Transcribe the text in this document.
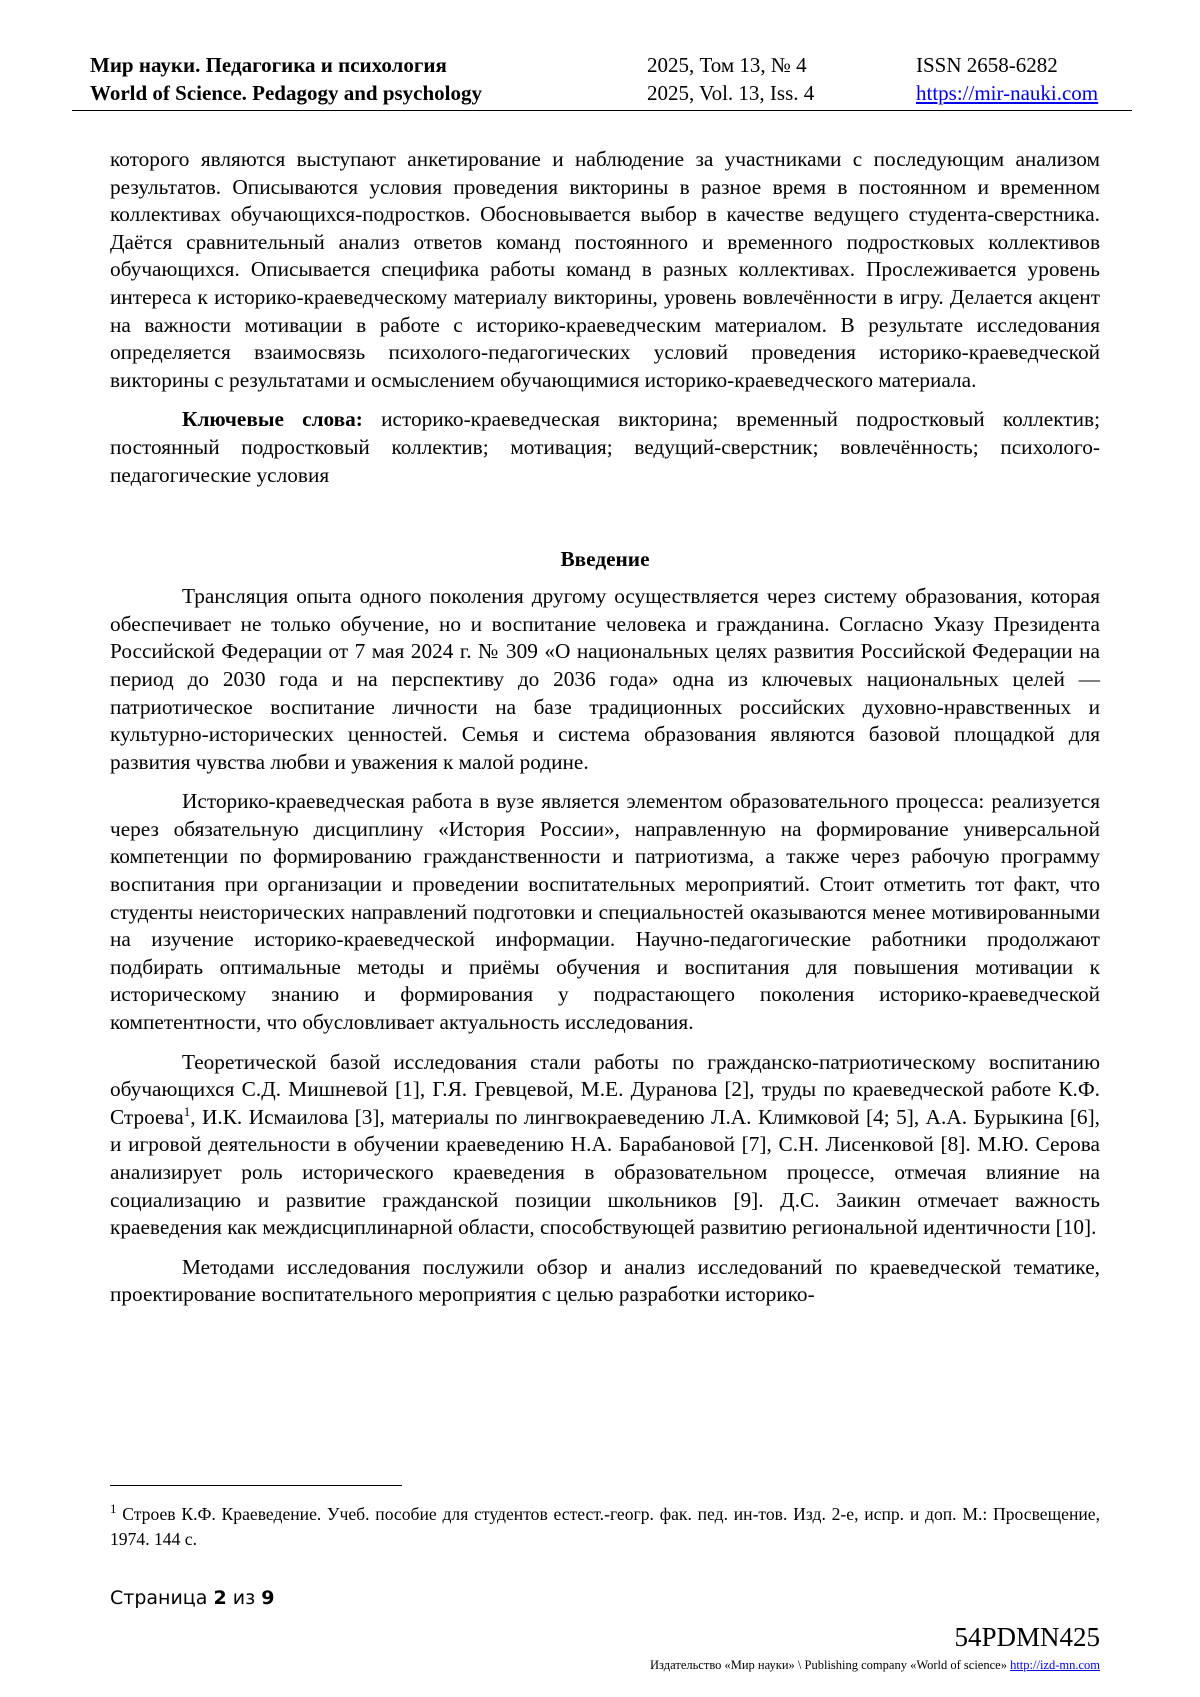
Мир науки. Педагогика и психология
World of Science. Pedagogy and psychology
2025, Том 13, № 4
2025, Vol. 13, Iss. 4
ISSN 2658-6282
https://mir-nauki.com

которого являются выступают анкетирование и наблюдение за участниками с последующим анализом результатов. Описываются условия проведения викторины в разное время в постоянном и временном коллективах обучающихся-подростков. Обосновывается выбор в качестве ведущего студента-сверстника. Даётся сравнительный анализ ответов команд постоянного и временного подростковых коллективов обучающихся. Описывается специфика работы команд в разных коллективах. Прослеживается уровень интереса к историко-краеведческому материалу викторины, уровень вовлечённости в игру. Делается акцент на важности мотивации в работе с историко-краеведческим материалом. В результате исследования определяется взаимосвязь психолого-педагогических условий проведения историко-краеведческой викторины с результатами и осмыслением обучающимися историко-краеведческого материала.

Ключевые слова: историко-краеведческая викторина; временный подростковый коллектив; постоянный подростковый коллектив; мотивация; ведущий-сверстник; вовлечённость; психолого-педагогические условия

Введение

Трансляция опыта одного поколения другому осуществляется через систему образования, которая обеспечивает не только обучение, но и воспитание человека и гражданина. Согласно Указу Президента Российской Федерации от 7 мая 2024 г. № 309 «О национальных целях развития Российской Федерации на период до 2030 года и на перспективу до 2036 года» одна из ключевых национальных целей — патриотическое воспитание личности на базе традиционных российских духовно-нравственных и культурно-исторических ценностей. Семья и система образования являются базовой площадкой для развития чувства любви и уважения к малой родине.

Историко-краеведческая работа в вузе является элементом образовательного процесса: реализуется через обязательную дисциплину «История России», направленную на формирование универсальной компетенции по формированию гражданственности и патриотизма, а также через рабочую программу воспитания при организации и проведении воспитательных мероприятий. Стоит отметить тот факт, что студенты неисторических направлений подготовки и специальностей оказываются менее мотивированными на изучение историко-краеведческой информации. Научно-педагогические работники продолжают подбирать оптимальные методы и приёмы обучения и воспитания для повышения мотивации к историческому знанию и формирования у подрастающего поколения историко-краеведческой компетентности, что обусловливает актуальность исследования.

Теоретической базой исследования стали работы по гражданско-патриотическому воспитанию обучающихся С.Д. Мишневой [1], Г.Я. Гревцевой, М.Е. Дуранова [2], труды по краеведческой работе К.Ф. Строева$^1$, И.К. Исмаилова [3], материалы по лингвокраеведению Л.А. Климковой [4; 5], А.А. Бурыкина [6], и игровой деятельности в обучении краеведению Н.А. Барабановой [7], С.Н. Лисенковой [8]. М.Ю. Серова анализирует роль исторического краеведения в образовательном процессе, отмечая влияние на социализацию и развитие гражданской позиции школьников [9]. Д.С. Заикин отмечает важность краеведения как междисциплинарной области, способствующей развитию региональной идентичности [10].

Методами исследования послужили обзор и анализ исследований по краеведческой тематике, проектирование воспитательного мероприятия с целью разработки историко-

$^1$ Строев К.Ф. Краеведение. Учеб. пособие для студентов естест.-геогр. фак. пед. ин-тов. Изд. 2-е, испр. и доп. М.: Просвещение, 1974. 144 с.

Страница 2 из 9
54PDMN425
Издательство «Мир науки» \ Publishing company «World of science» http://izd-mn.com
